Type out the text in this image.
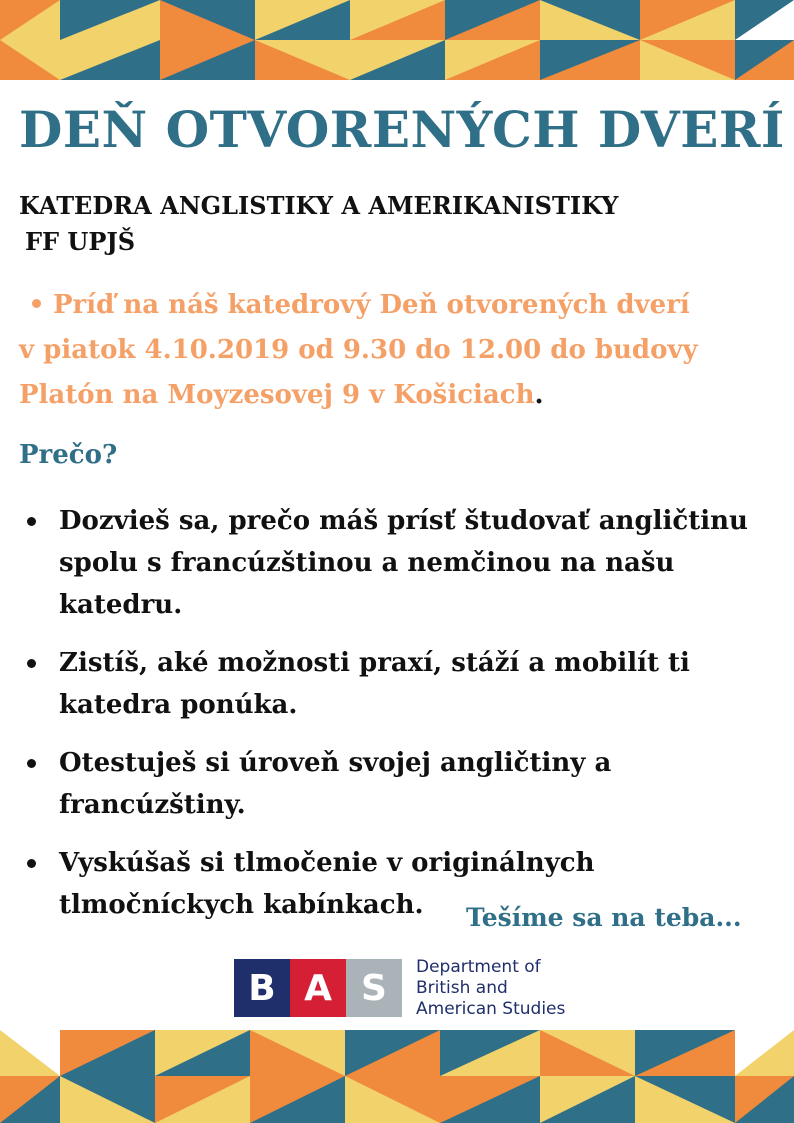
DEŇ OTVORENÝCH DVERÍ
KATEDRA ANGLISTIKY A AMERIKANISTIKY
FF UPJŠ
Príď na náš katedrový Deň otvorených dverí
v piatok 4.10.2019 od 9.30 do 12.00 do budovy
Platón na Moyzesovej 9 v Košiciach.
Prečo?
Dozvieš sa, prečo máš prísť študovať angličtinu
spolu s francúzštinou a nemčinou na našu
katedru.
Zistíš, aké možnosti praxí, stáží a mobilít ti
katedra ponúka.
Otestuješ si úroveň svojej angličtiny a
francúzštiny.
Vyskúšaš si tlmočenie v originálnych
tlmočníckych kabínkach.	Tešíme sa na teba...

B A S
Department of
British and
American Studies
